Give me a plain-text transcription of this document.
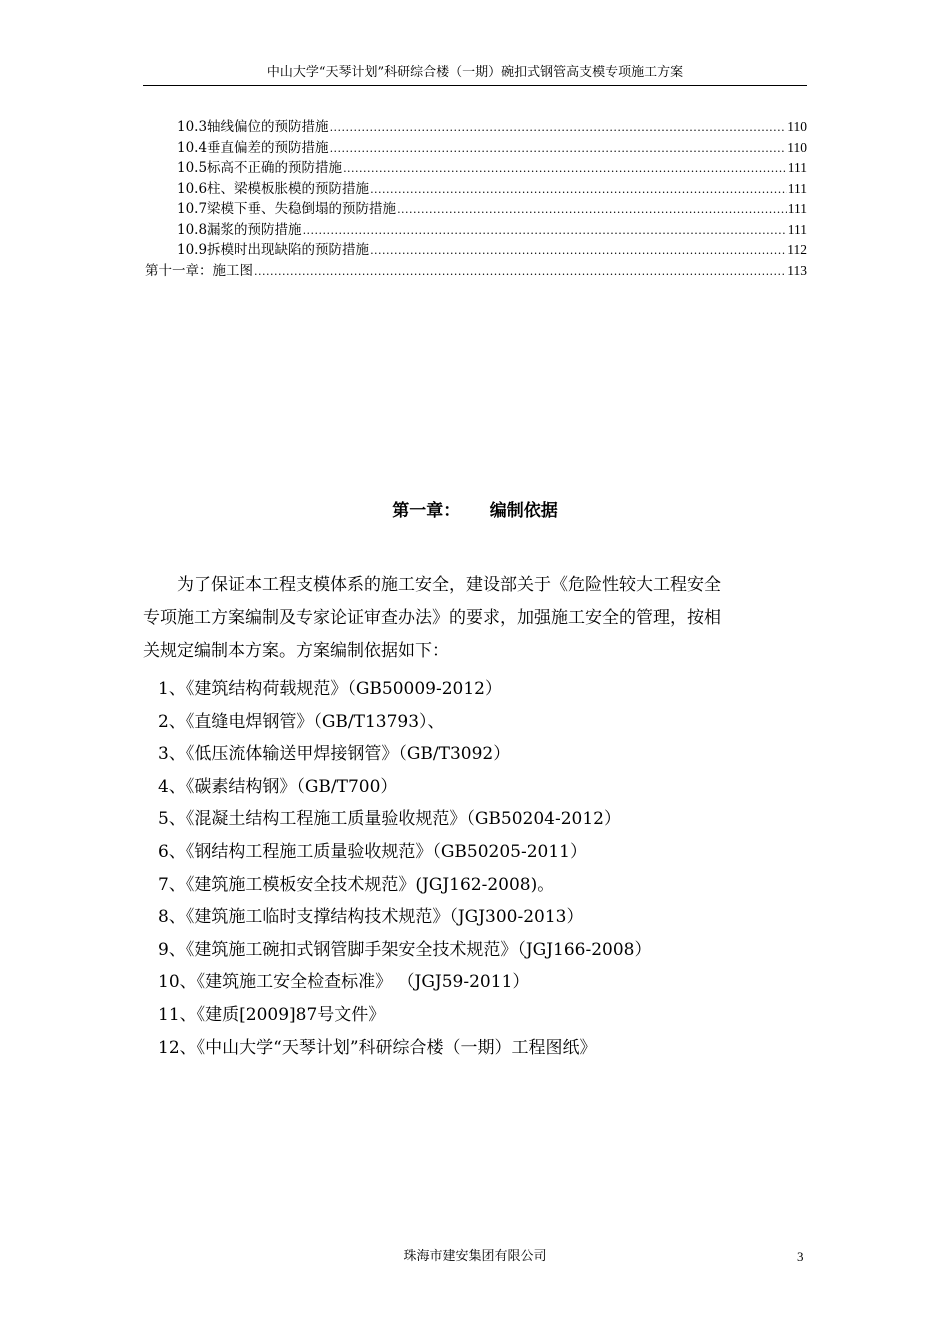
中山大学“天琴计划”科研综合楼（一期）碗扣式钢管高支模专项施工方案
10.3轴线偏位的预防措施 .....	110
10.4垂直偏差的预防措施 .....	110
10.5标高不正确的预防措施 .....	111
10.6柱、梁模板胀模的预防措施 .....	111
10.7梁模下垂、失稳倒塌的预防措施 .....	111
10.8漏浆的预防措施 .....	111
10.9拆模时出现缺陷的预防措施 .....	112
第十一章：施工图 .....	113
第一章： 编制依据
为了保证本工程支模体系的施工安全，建设部关于《危险性较大工程安全
专项施工方案编制及专家论证审查办法》的要求，加强施工安全的管理，按相
关规定编制本方案。方案编制依据如下：
1、《建筑结构荷载规范》（GB50009-2012）
2、《直缝电焊钢管》（GB/T13793）、
3、《低压流体输送甲焊接钢管》（GB/T3092）
4、《碳素结构钢》（GB/T700）
5、《混凝土结构工程施工质量验收规范》（GB50204-2012）
6、《钢结构工程施工质量验收规范》（GB50205-2011）
7、《建筑施工模板安全技术规范》(JGJ162-2008)。
8、《建筑施工临时支撑结构技术规范》（JGJ300-2013）
9、《建筑施工碗扣式钢管脚手架安全技术规范》（JGJ166-2008）
10、《建筑施工安全检查标准》 （JGJ59-2011）
11、《建质[2009]87号文件》
12、《中山大学“天琴计划”科研综合楼（一期）工程图纸》
珠海市建安集团有限公司	3
